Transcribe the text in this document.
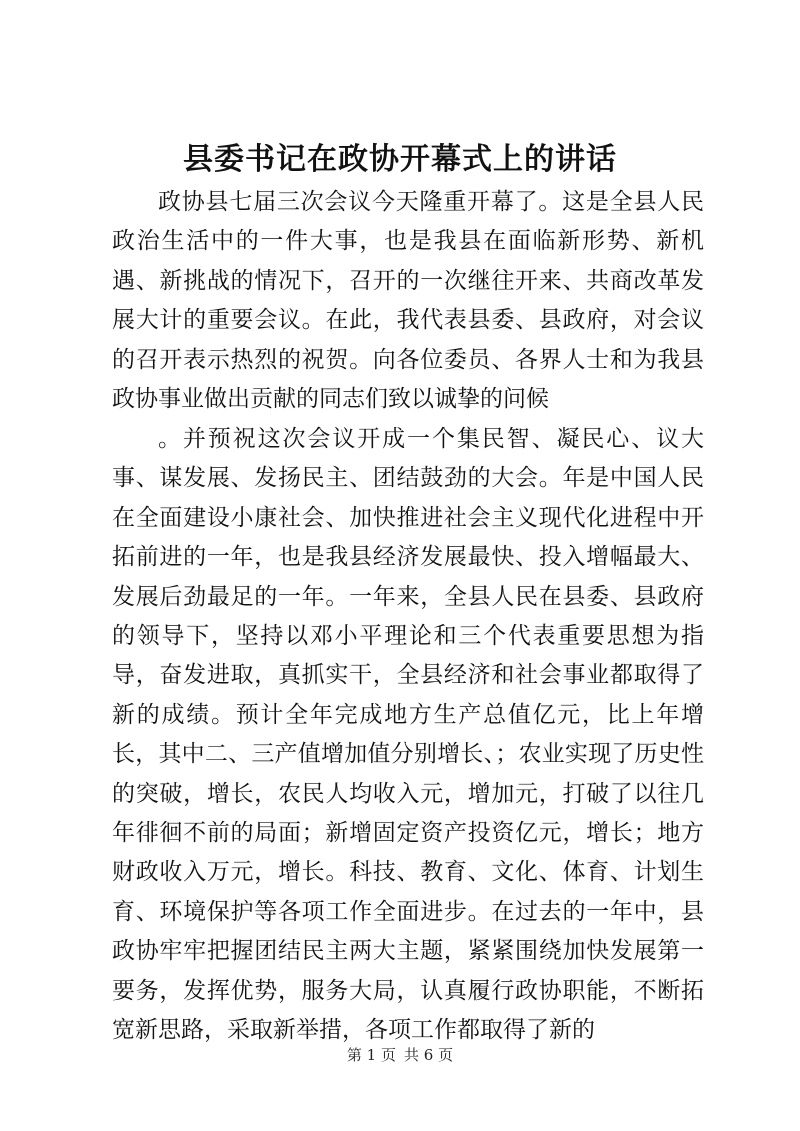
县委书记在政协开幕式上的讲话

政协县七届三次会议今天隆重开幕了。这是全县人民政治生活中的一件大事，也是我县在面临新形势、新机遇、新挑战的情况下，召开的一次继往开来、共商改革发展大计的重要会议。在此，我代表县委、县政府，对会议的召开表示热烈的祝贺。向各位委员、各界人士和为我县政协事业做出贡献的同志们致以诚挚的问候

。并预祝这次会议开成一个集民智、凝民心、议大事、谋发展、发扬民主、团结鼓劲的大会。年是中国人民在全面建设小康社会、加快推进社会主义现代化进程中开拓前进的一年，也是我县经济发展最快、投入增幅最大、发展后劲最足的一年。一年来，全县人民在县委、县政府的领导下，坚持以邓小平理论和三个代表重要思想为指导，奋发进取，真抓实干，全县经济和社会事业都取得了新的成绩。预计全年完成地方生产总值亿元，比上年增长，其中二、三产值增加值分别增长、；农业实现了历史性的突破，增长，农民人均收入元，增加元，打破了以往几年徘徊不前的局面；新增固定资产投资亿元，增长；地方财政收入万元，增长。科技、教育、文化、体育、计划生育、环境保护等各项工作全面进步。在过去的一年中，县政协牢牢把握团结民主两大主题，紧紧围绕加快发展第一要务，发挥优势，服务大局，认真履行政协职能，不断拓宽新思路，采取新举措，各项工作都取得了新的

第 1 页 共 6 页
